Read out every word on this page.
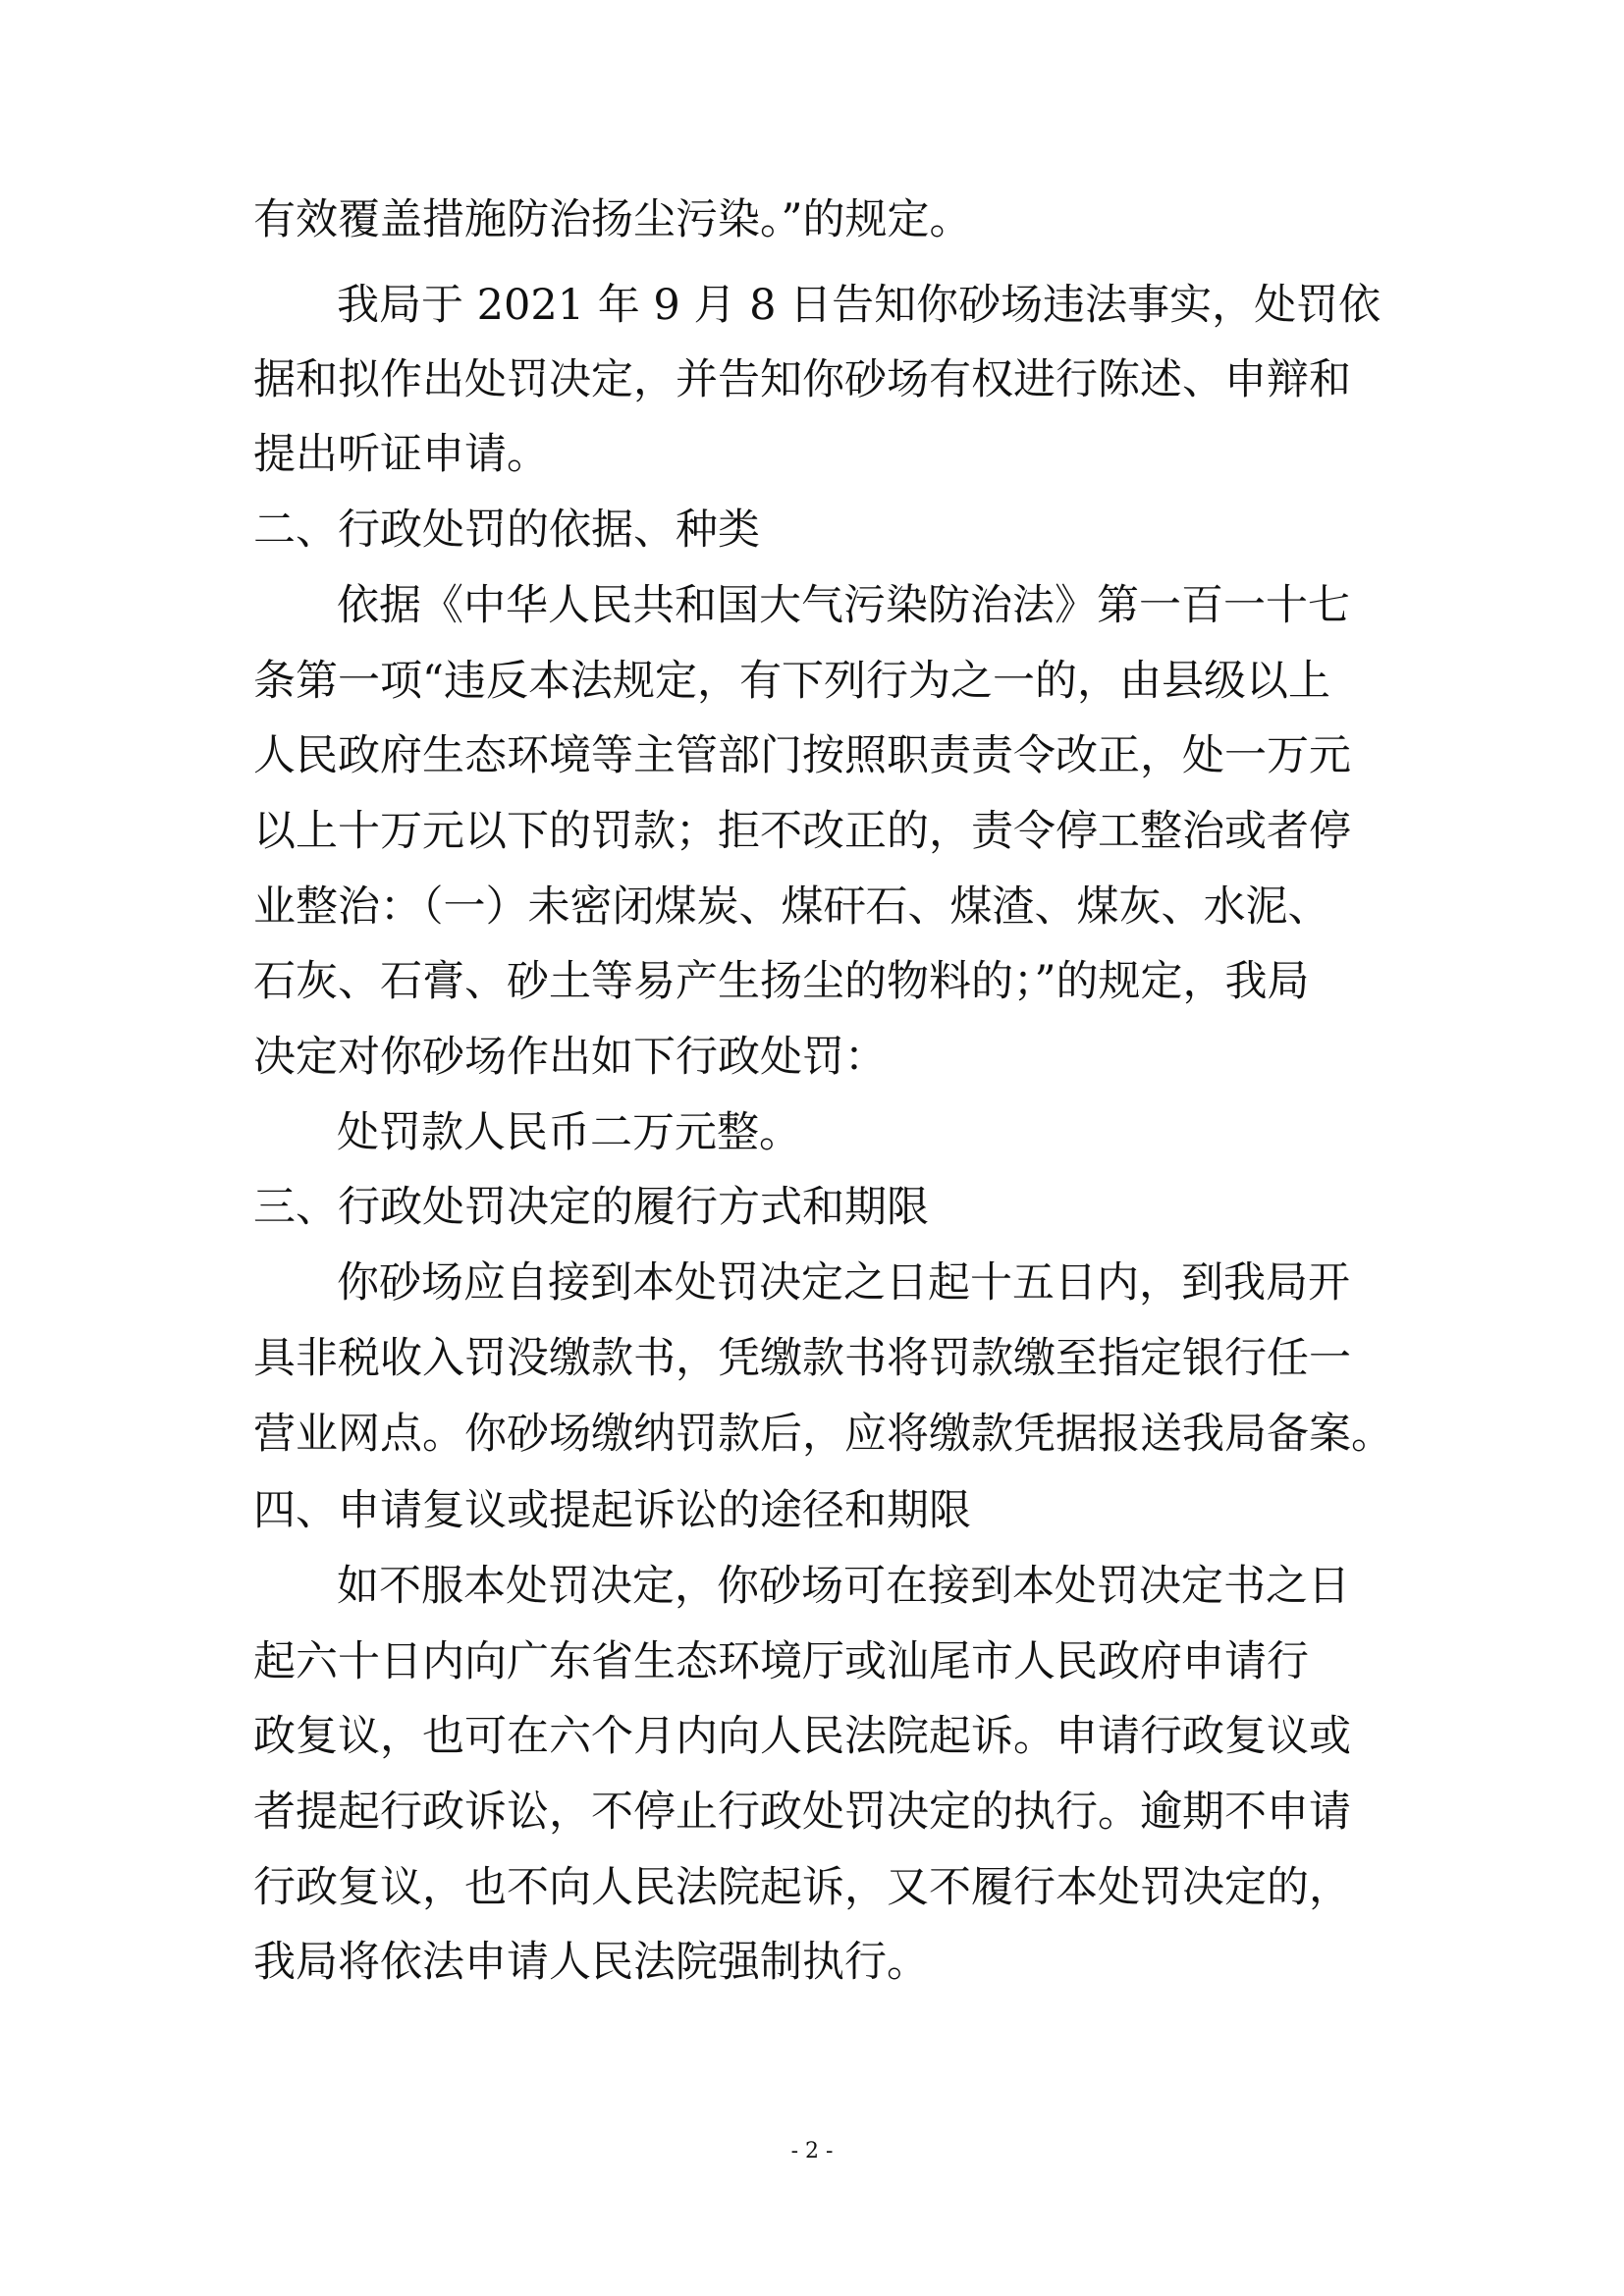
有效覆盖措施防治扬尘污染。”的规定。
我局于 2021 年 9 月 8 日告知你砂场违法事实，处罚依
据和拟作出处罚决定，并告知你砂场有权进行陈述、申辩和
提出听证申请。
二、行政处罚的依据、种类
依据《中华人民共和国大气污染防治法》第一百一十七
条第一项“违反本法规定，有下列行为之一的，由县级以上
人民政府生态环境等主管部门按照职责责令改正，处一万元
以上十万元以下的罚款；拒不改正的，责令停工整治或者停
业整治：（一）未密闭煤炭、煤矸石、煤渣、煤灰、水泥、
石灰、石膏、砂土等易产生扬尘的物料的；”的规定，我局
决定对你砂场作出如下行政处罚：
处罚款人民币二万元整。
三、行政处罚决定的履行方式和期限
你砂场应自接到本处罚决定之日起十五日内，到我局开
具非税收入罚没缴款书，凭缴款书将罚款缴至指定银行任一
营业网点。你砂场缴纳罚款后，应将缴款凭据报送我局备案。
四、申请复议或提起诉讼的途径和期限
如不服本处罚决定，你砂场可在接到本处罚决定书之日
起六十日内向广东省生态环境厅或汕尾市人民政府申请行
政复议，也可在六个月内向人民法院起诉。申请行政复议或
者提起行政诉讼，不停止行政处罚决定的执行。逾期不申请
行政复议，也不向人民法院起诉，又不履行本处罚决定的，
我局将依法申请人民法院强制执行。
- 2 -
